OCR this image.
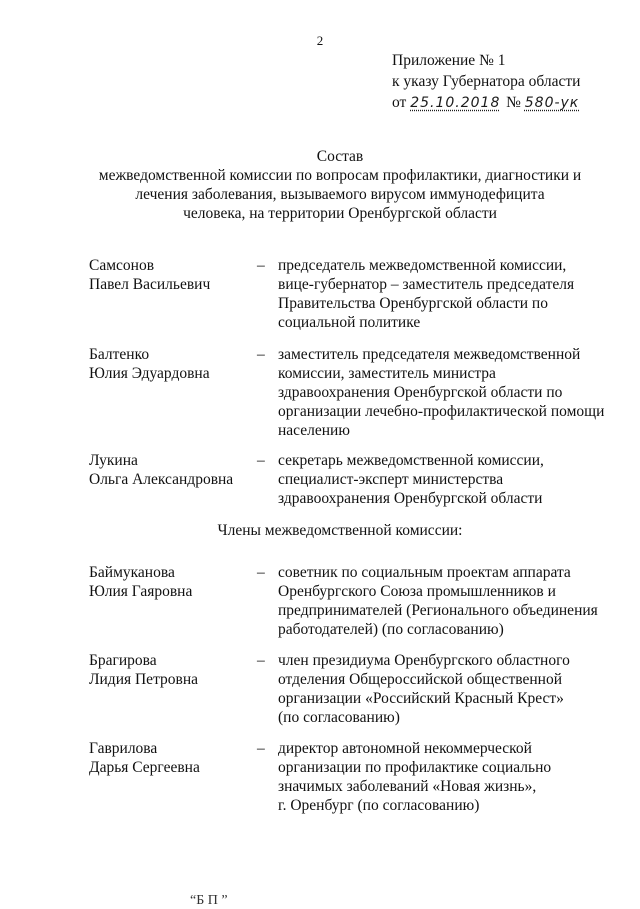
2
Приложение № 1
к указу Губернатора области
от 25.10.2018 № 580-ук
Состав
межведомственной комиссии по вопросам профилактики, диагностики и
лечения заболевания, вызываемого вирусом иммунодефицита
человека, на территории Оренбургской области
Самсонов
Павел Васильевич
– председатель межведомственной комиссии,
вице-губернатор – заместитель председателя
Правительства Оренбургской области по
социальной политике
Балтенко
Юлия Эдуардовна
– заместитель председателя межведомственной
комиссии, заместитель министра
здравоохранения Оренбургской области по
организации лечебно-профилактической помощи
населению
Лукина
Ольга Александровна
– секретарь межведомственной комиссии,
специалист-эксперт министерства
здравоохранения Оренбургской области
Члены межведомственной комиссии:
Баймуканова
Юлия Гаяровна
– советник по социальным проектам аппарата
Оренбургского Союза промышленников и
предпринимателей (Регионального объединения
работодателей) (по согласованию)
Брагирова
Лидия Петровна
– член президиума Оренбургского областного
отделения Общероссийской общественной
организации «Российский Красный Крест»
(по согласованию)
Гаврилова
Дарья Сергеевна
– директор автономной некоммерческой
организации по профилактике социально
значимых заболеваний «Новая жизнь»,
г. Оренбург (по согласованию)
“Б П ”
